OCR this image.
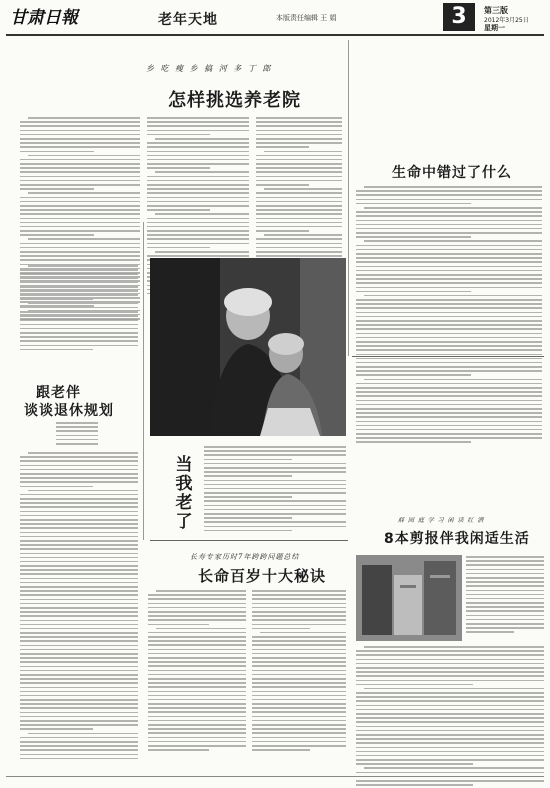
甘肃日報	老年天地	本版责任编辑 王 娟	3	第三版
2012年3月25日
星期一
乡 吃 瘦 乡 搞 河 多 丁 郎
怎样挑选养老院
跟老伴
谈谈退休规划
当我老了
生命中错过了什么
薛 园 庭 学 习 闲 读 红 酒
8本剪报伴我闲适生活
长寿专家历时7年跨跨问题总结
长命百岁十大秘诀
